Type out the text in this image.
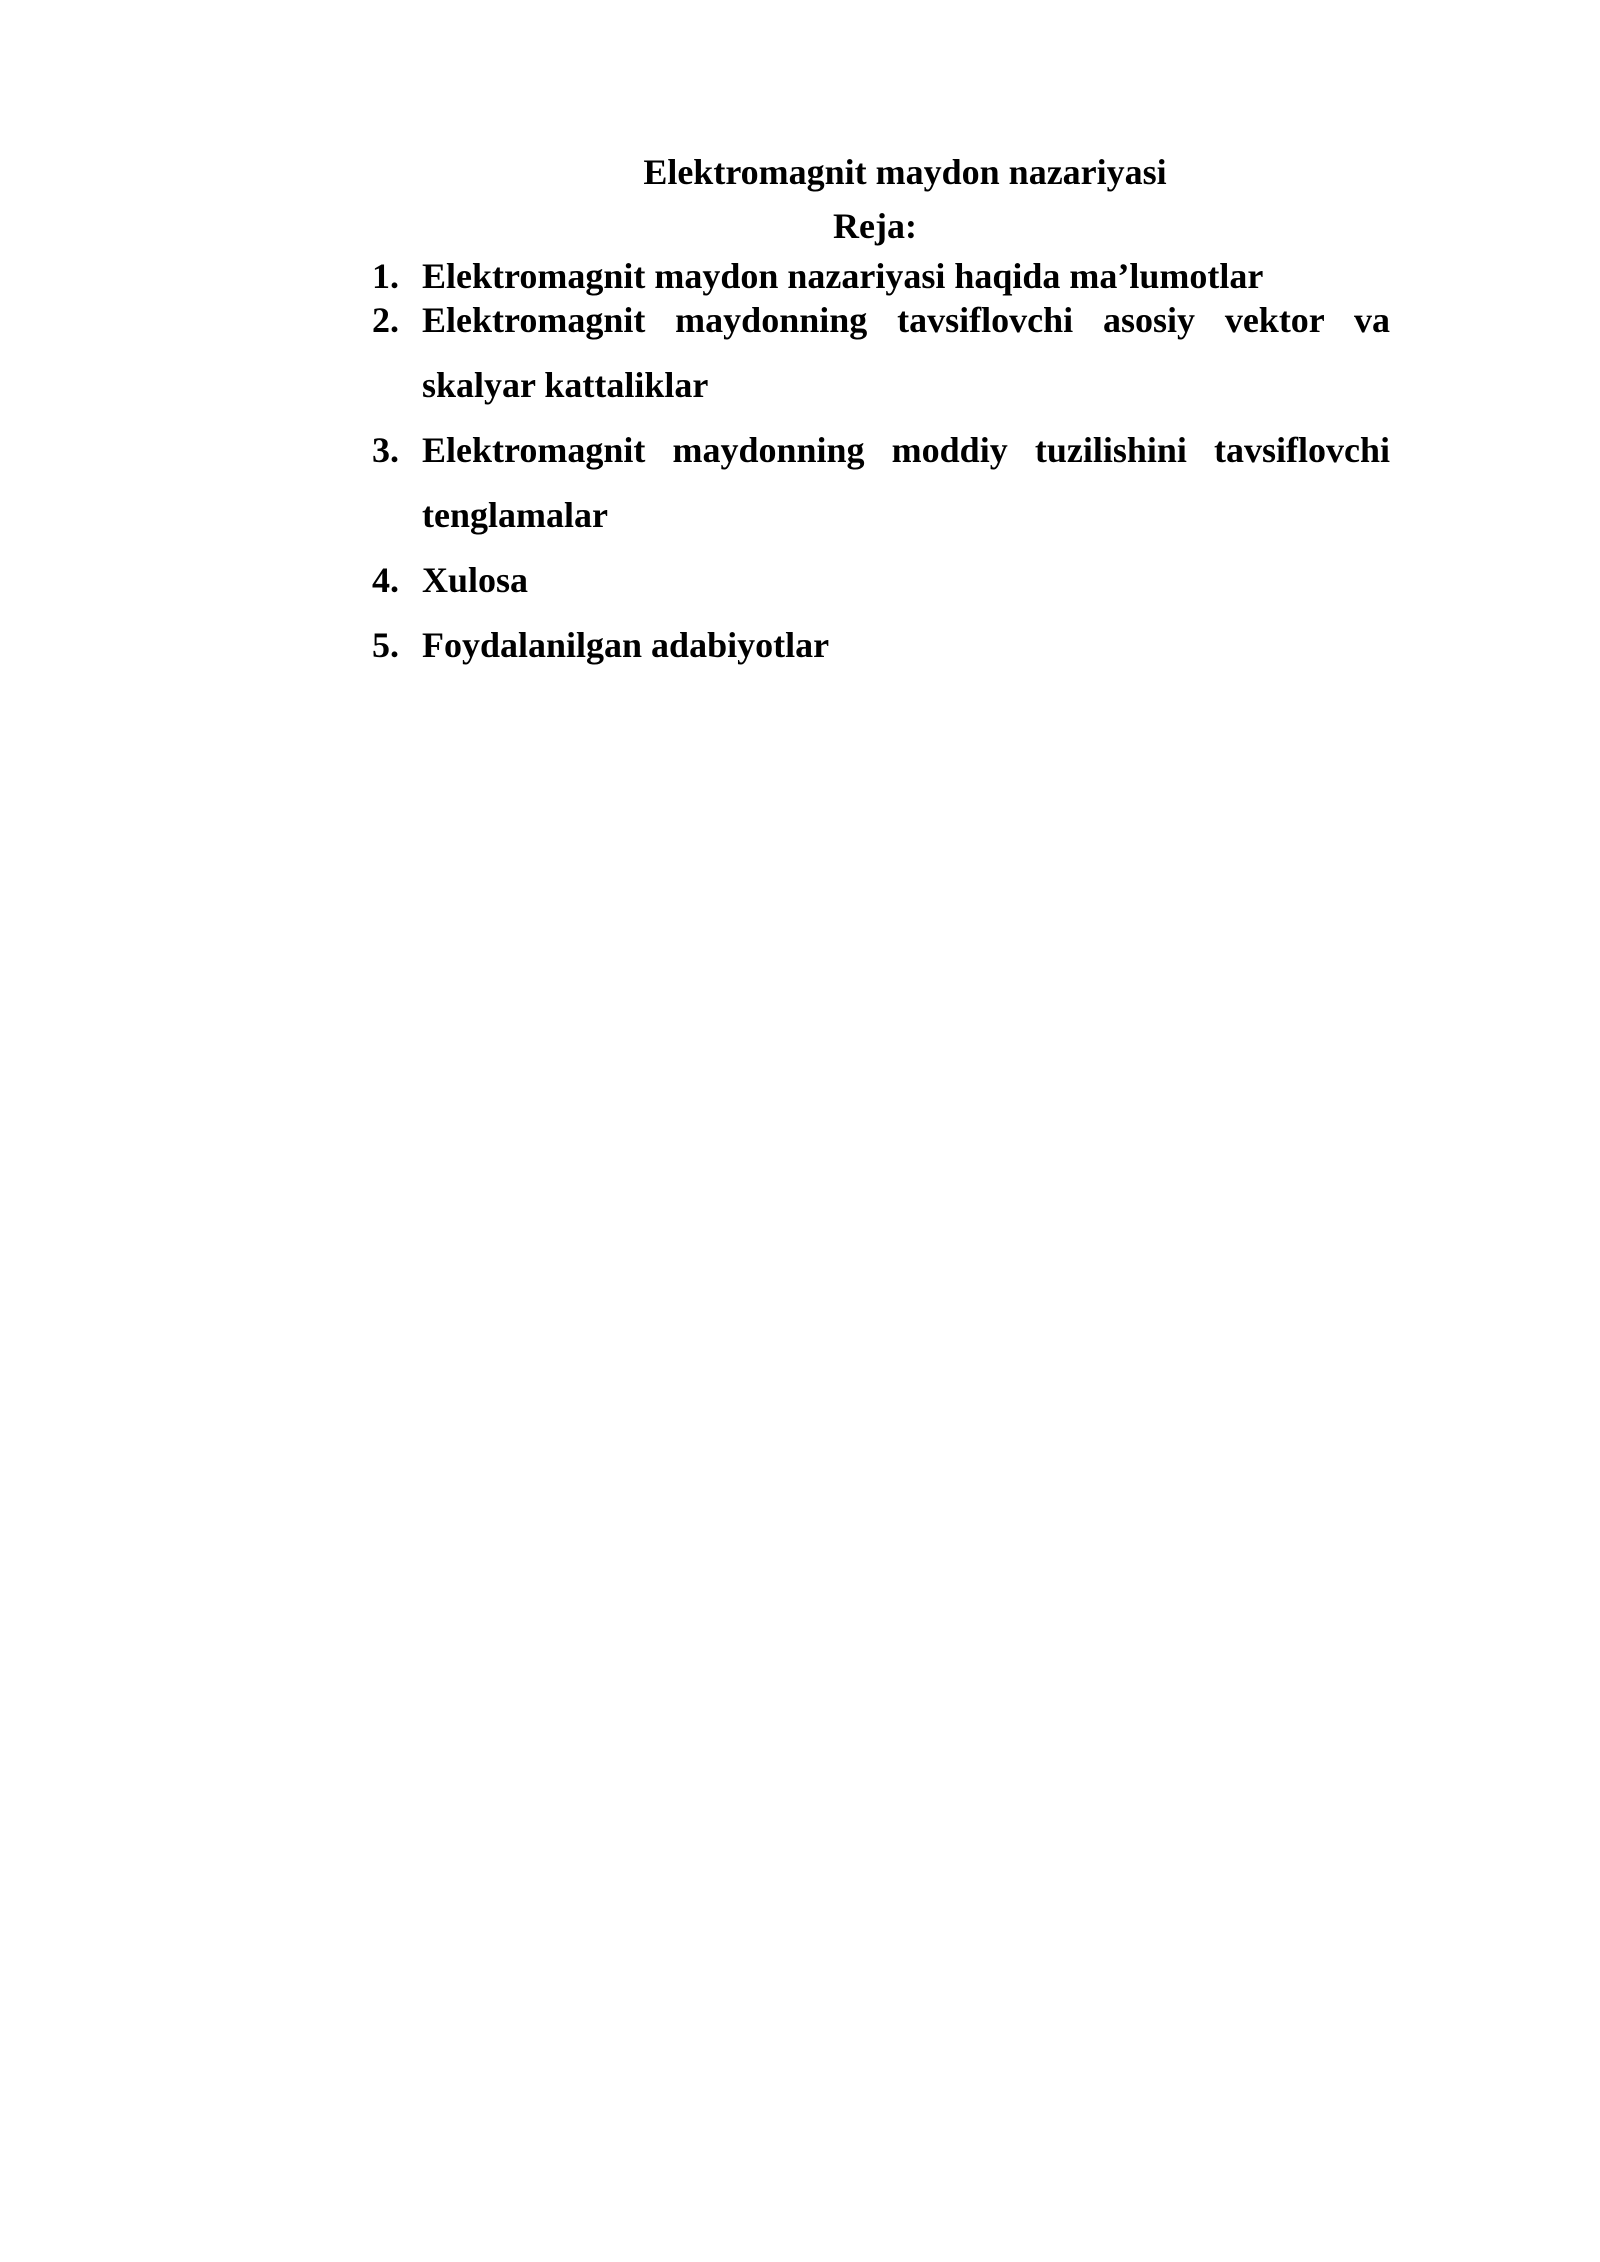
Elektromagnit maydon nazariyasi
Reja:
1. Elektromagnit maydon nazariyasi haqida ma’lumotlar
2. Elektromagnit maydonning tavsiflovchi asosiy vektor va skalyar kattaliklar
3. Elektromagnit maydonning moddiy tuzilishini tavsiflovchi tenglamalar
4. Xulosa
5. Foydalanilgan adabiyotlar
